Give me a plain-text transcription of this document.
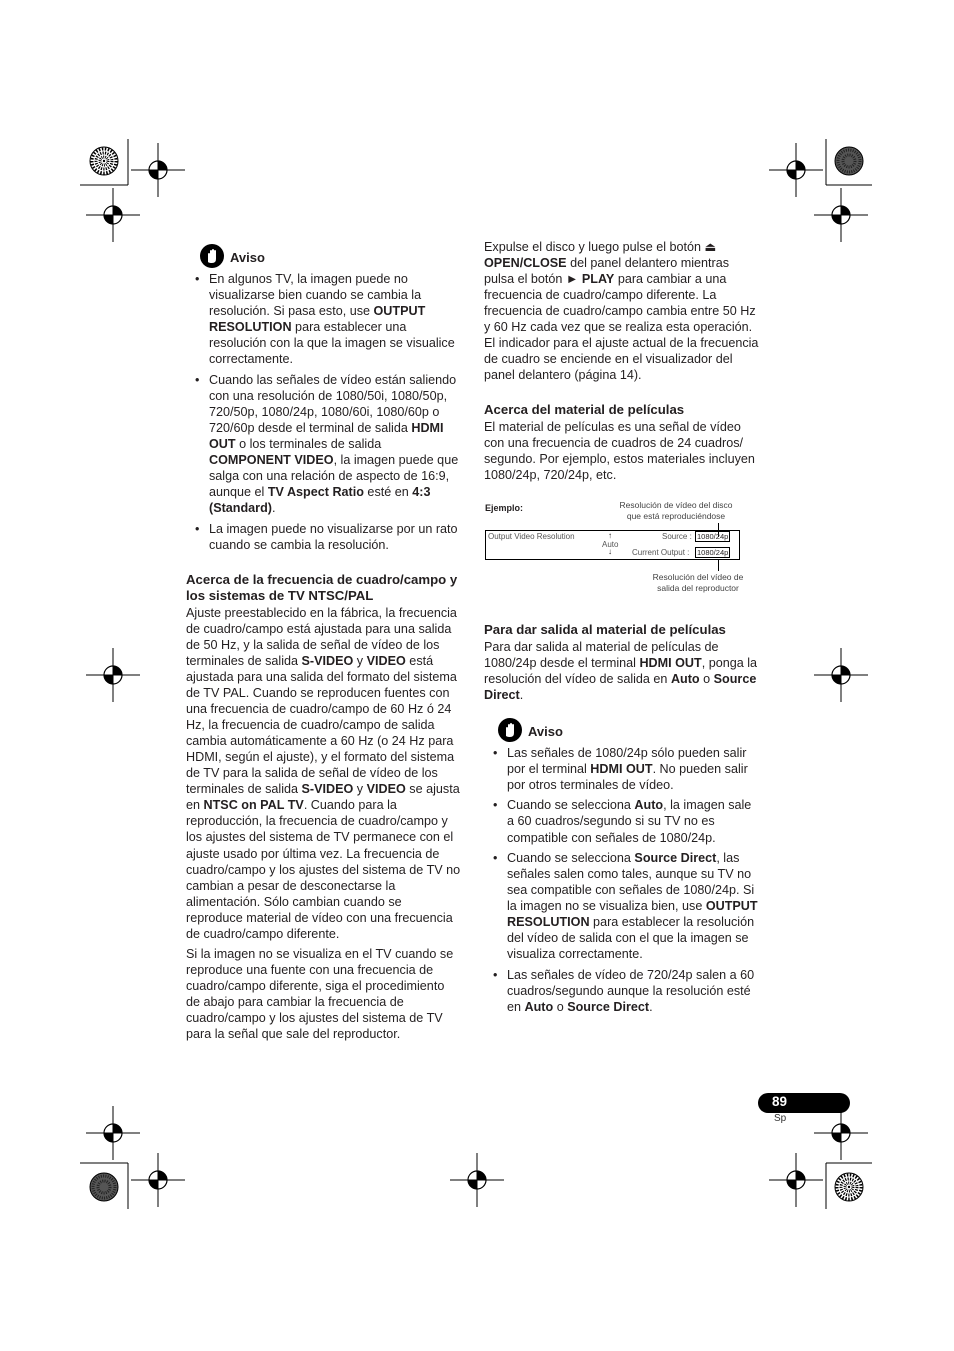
Aviso
• En algunos TV, la imagen puede no visualizarse bien cuando se cambia la resolución. Si pasa esto, use OUTPUT RESOLUTION para establecer una resolución con la que la imagen se visualice correctamente.
• Cuando las señales de vídeo están saliendo con una resolución de 1080/50i, 1080/50p, 720/50p, 1080/24p, 1080/60i, 1080/60p o 720/60p desde el terminal de salida HDMI OUT o los terminales de salida COMPONENT VIDEO, la imagen puede que salga con una relación de aspecto de 16:9, aunque el TV Aspect Ratio esté en 4:3 (Standard).
• La imagen puede no visualizarse por un rato cuando se cambia la resolución.
Acerca de la frecuencia de cuadro/campo y los sistemas de TV NTSC/PAL

Ajuste preestablecido en la fábrica, la frecuencia de cuadro/campo está ajustada para una salida de 50 Hz, y la salida de señal de vídeo de los terminales de salida S-VIDEO y VIDEO está ajustada para una salida del formato del sistema de TV PAL. Cuando se reproducen fuentes con una frecuencia de cuadro/campo de 60 Hz ó 24 Hz, la frecuencia de cuadro/campo de salida cambia automáticamente a 60 Hz (o 24 Hz para HDMI, según el ajuste), y el formato del sistema de TV para la salida de señal de vídeo de los terminales de salida S-VIDEO y VIDEO se ajusta en NTSC on PAL TV. Cuando para la reproducción, la frecuencia de cuadro/campo y los ajustes del sistema de TV permanece con el ajuste usado por última vez. La frecuencia de cuadro/campo y los ajustes del sistema de TV no cambian a pesar de desconectarse la alimentación. Sólo cambian cuando se reproduce material de vídeo con una frecuencia de cuadro/campo diferente.

Si la imagen no se visualiza en el TV cuando se reproduce una fuente con una frecuencia de cuadro/campo diferente, siga el procedimiento de abajo para cambiar la frecuencia de cuadro/campo y los ajustes del sistema de TV para la señal que sale del reproductor.

Expulse el disco y luego pulse el botón ⏏ OPEN/CLOSE del panel delantero mientras pulsa el botón ► PLAY para cambiar a una frecuencia de cuadro/campo diferente. La frecuencia de cuadro/campo cambia entre 50 Hz y 60 Hz cada vez que se realiza esta operación. El indicador para el ajuste actual de la frecuencia de cuadro se enciende en el visualizador del panel delantero (página 14).

Acerca del material de películas

El material de películas es una señal de vídeo con una frecuencia de cuadros de 24 cuadros/ segundo. Por ejemplo, estos materiales incluyen 1080/24p, 720/24p, etc.

Ejemplo:	Resolución de vídeo del disco
que está reproduciéndose
Output Video Resolution	↑
Auto
↓
Source : 1080/24p
Current Output : 1080/24p
Resolución del vídeo de
salida del reproductor
Para dar salida al material de películas

Para dar salida al material de películas de 1080/24p desde el terminal HDMI OUT, ponga la resolución del vídeo de salida en Auto o Source Direct.

Aviso
• Las señales de 1080/24p sólo pueden salir por el terminal HDMI OUT. No pueden salir por otros terminales de vídeo.
• Cuando se selecciona Auto, la imagen sale a 60 cuadros/segundo si su TV no es compatible con señales de 1080/24p.
• Cuando se selecciona Source Direct, las señales salen como tales, aunque su TV no sea compatible con señales de 1080/24p. Si la imagen no se visualiza bien, use OUTPUT RESOLUTION para establecer la resolución del vídeo de salida con el que la imagen se visualiza correctamente.
• Las señales de vídeo de 720/24p salen a 60 cuadros/segundo aunque la resolución esté en Auto o Source Direct.
89
Sp
